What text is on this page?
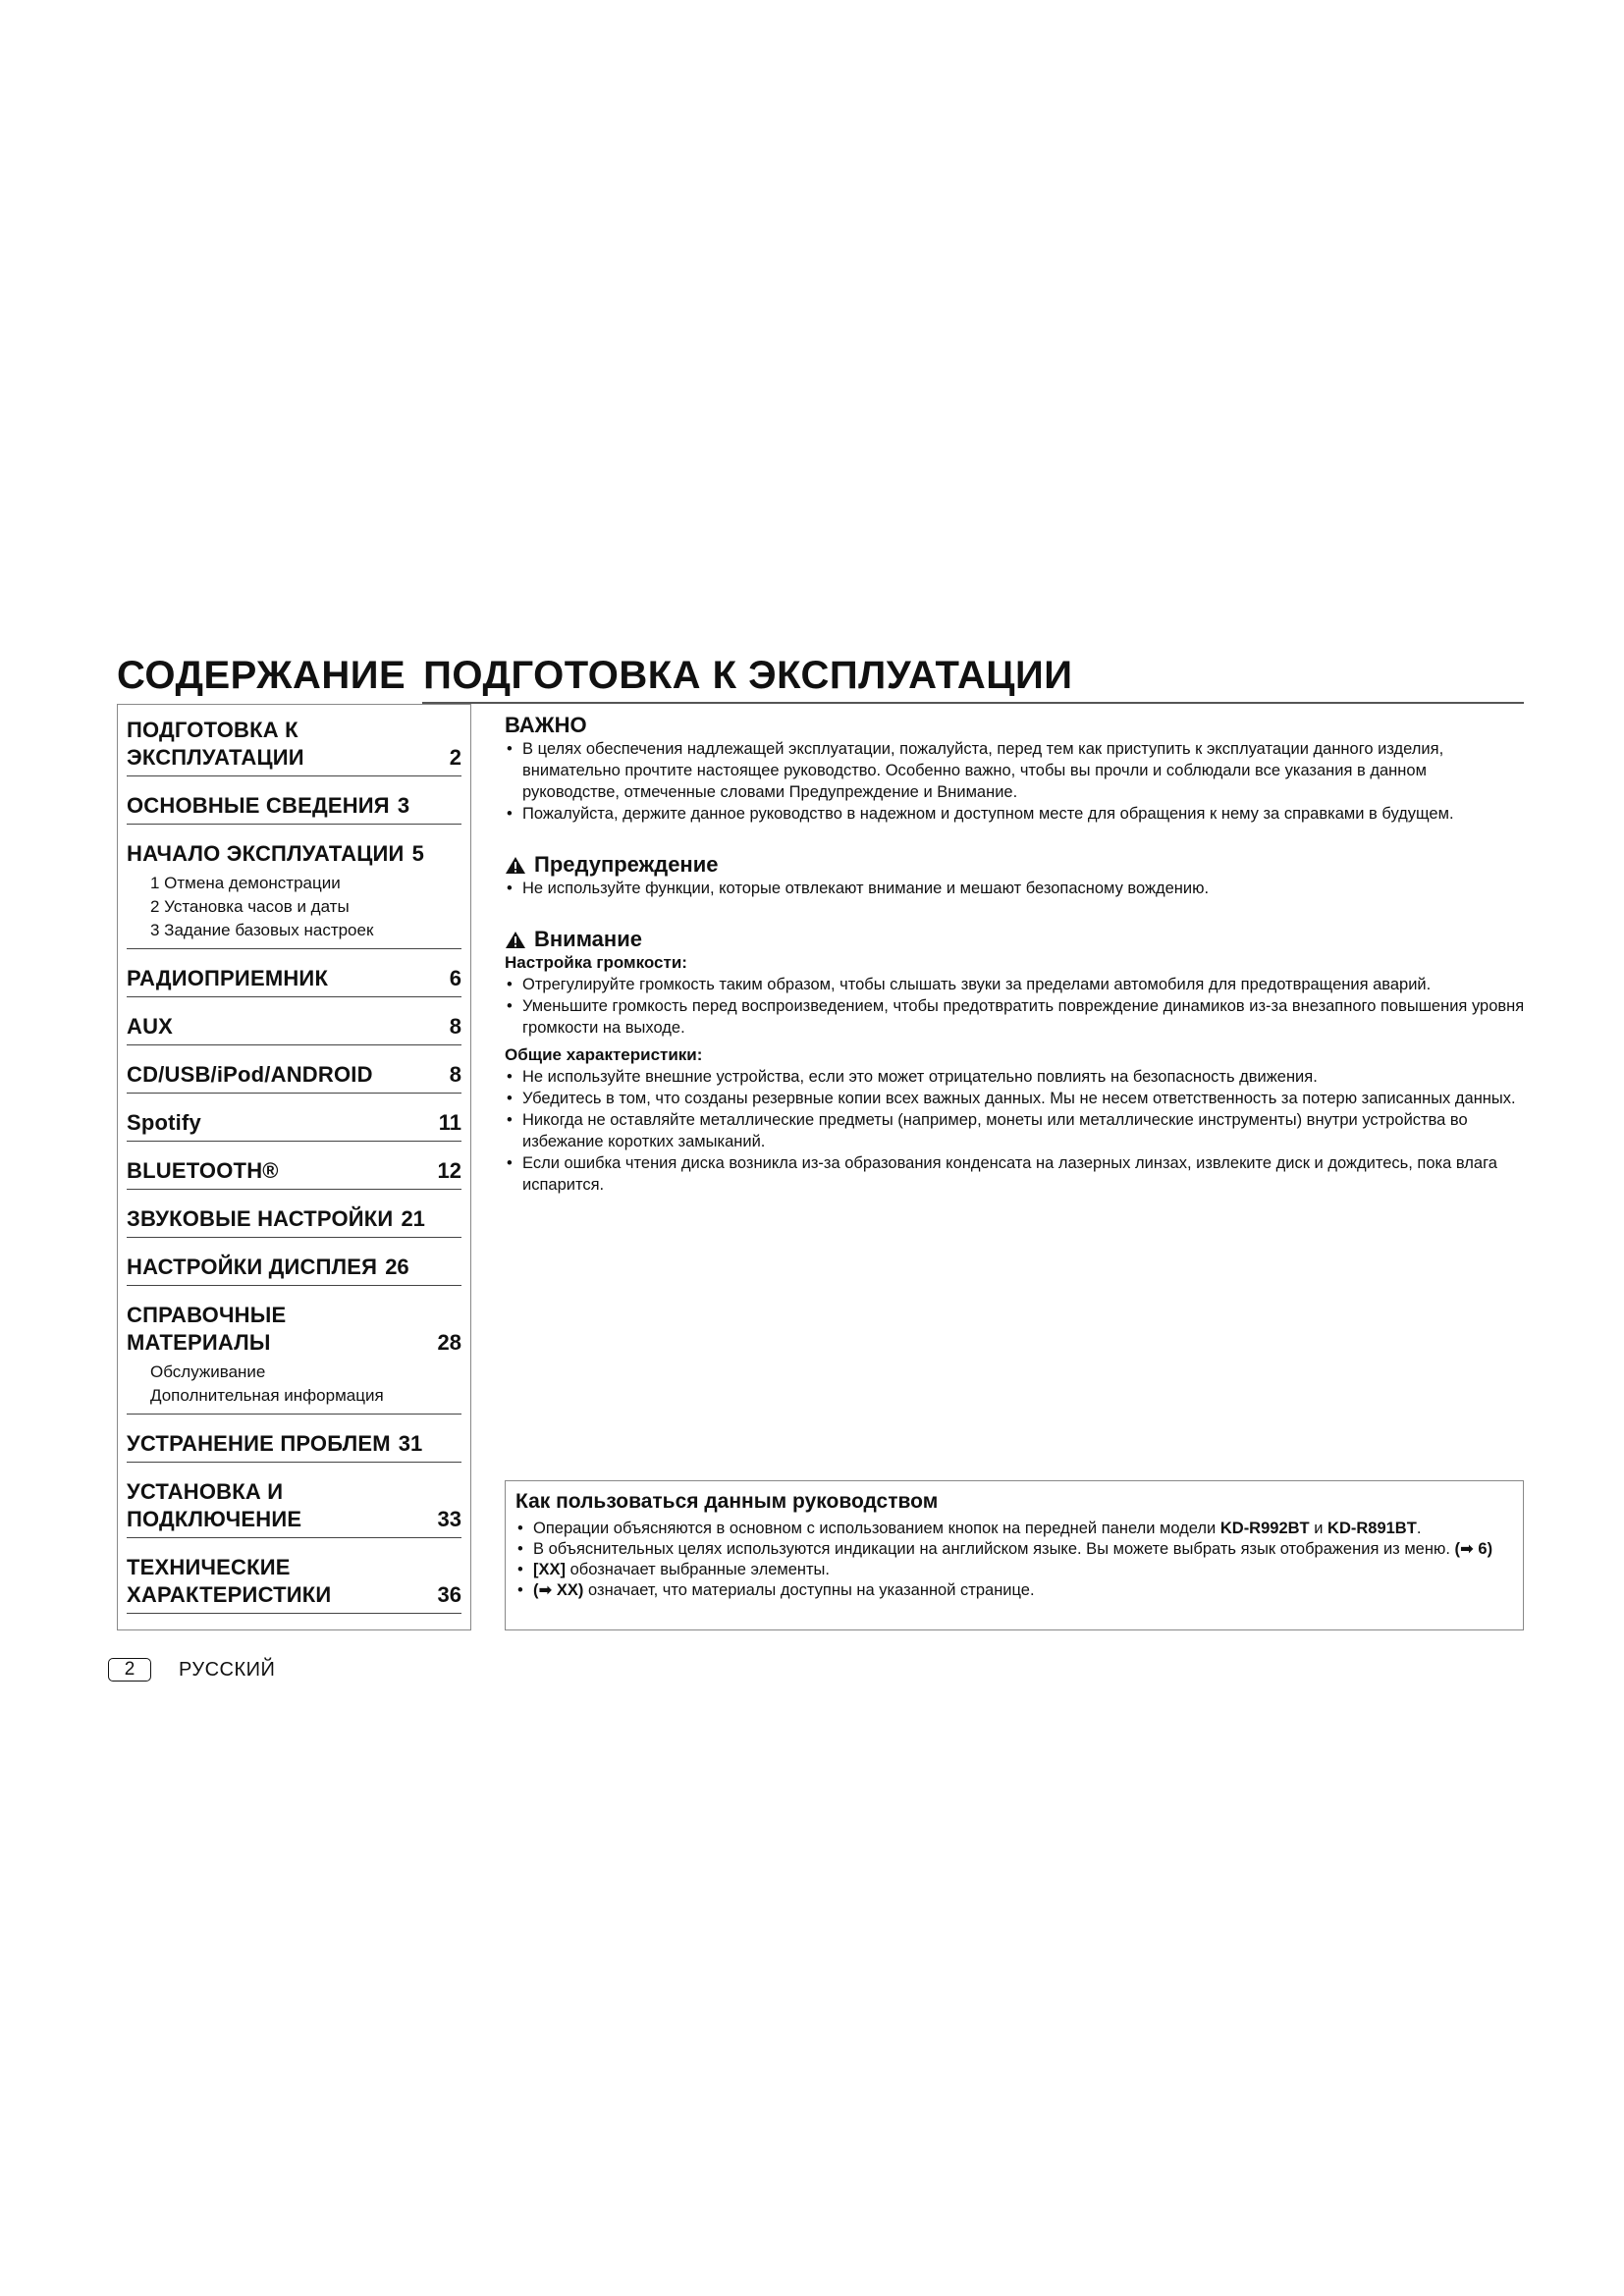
СОДЕРЖАНИЕ ПОДГОТОВКА К ЭКСПЛУАТАЦИИ
ПОДГОТОВКА К
ЭКСПЛУАТАЦИИ	2
ОСНОВНЫЕ СВЕДЕНИЯ 3
НАЧАЛО ЭКСПЛУАТАЦИИ 5
1 Отмена демонстрации
2 Установка часов и даты
3 Задание базовых настроек
РАДИОПРИЕМНИК	6
AUX	8
CD/USB/iPod/ANDROID	8
Spotify	11
BLUETOOTH®	12
ЗВУКОВЫЕ НАСТРОЙКИ 21
НАСТРОЙКИ ДИСПЛЕЯ 26
СПРАВОЧНЫЕ МАТЕРИАЛЫ	28
Обслуживание
Дополнительная информация
УСТРАНЕНИЕ ПРОБЛЕМ 31
УСТАНОВКА И
ПОДКЛЮЧЕНИЕ	33
ТЕХНИЧЕСКИЕ
ХАРАКТЕРИСТИКИ	36
ВАЖНО
• В целях обеспечения надлежащей эксплуатации, пожалуйста, перед тем как приступить к эксплуатации данного изделия, внимательно прочтите настоящее руководство. Особенно важно, чтобы вы прочли и соблюдали все указания в данном руководстве, отмеченные словами Предупреждение и Внимание.
• Пожалуйста, держите данное руководство в надежном и доступном месте для обращения к нему за справками в будущем.
Предупреждение
• Не используйте функции, которые отвлекают внимание и мешают безопасному вождению.
Внимание
Настройка громкости:
• Отрегулируйте громкость таким образом, чтобы слышать звуки за пределами автомобиля для предотвращения аварий.
• Уменьшите громкость перед воспроизведением, чтобы предотвратить повреждение динамиков из-за внезапного повышения уровня громкости на выходе.
Общие характеристики:
• Не используйте внешние устройства, если это может отрицательно повлиять на безопасность движения.
• Убедитесь в том, что созданы резервные копии всех важных данных. Мы не несем ответственность за потерю записанных данных.
• Никогда не оставляйте металлические предметы (например, монеты или металлические инструменты) внутри устройства во избежание коротких замыканий.
• Если ошибка чтения диска возникла из-за образования конденсата на лазерных линзах, извлеките диск и дождитесь, пока влага испарится.
Как пользоваться данным руководством
• Операции объясняются в основном с использованием кнопок на передней панели модели KD-R992BT и KD-R891BT.
• В объяснительных целях используются индикации на английском языке. Вы можете выбрать язык отображения из меню. (➡ 6)
• [XX] обозначает выбранные элементы.
• (➡ XX) означает, что материалы доступны на указанной странице.
2	РУССКИЙ
